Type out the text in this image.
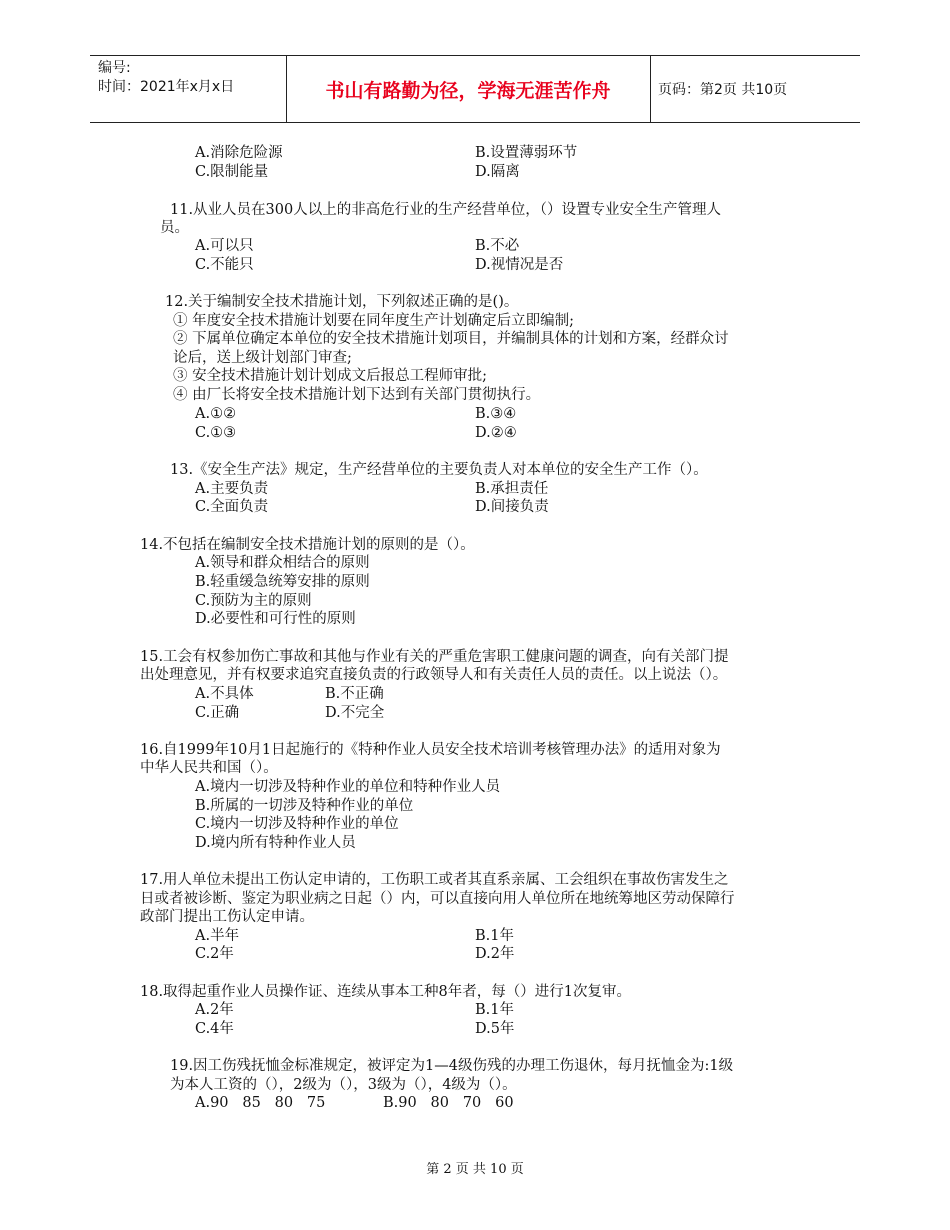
编号:
时间：2021年x月x日	书山有路勤为径，学海无涯苦作舟	页码：第2页 共10页
A.消除危险源	B.设置薄弱环节
C.限制能量	D.隔离
11.从业人员在300人以上的非高危行业的生产经营单位，（）设置专业安全生产管理人
员。
A.可以只	B.不必
C.不能只	D.视情况是否
12.关于编制安全技术措施计划，下列叙述正确的是()。
① 年度安全技术措施计划要在同年度生产计划确定后立即编制;
② 下属单位确定本单位的安全技术措施计划项目，并编制具体的计划和方案，经群众讨
论后，送上级计划部门审查;
③ 安全技术措施计划计划成文后报总工程师审批;
④ 由厂长将安全技术措施计划下达到有关部门贯彻执行。
A.①②	B.③④
C.①③	D.②④
13.《安全生产法》规定，生产经营单位的主要负责人对本单位的安全生产工作（）。
A.主要负责	B.承担责任
C.全面负责	D.间接负责
14.不包括在编制安全技术措施计划的原则的是（）。
A.领导和群众相结合的原则
B.轻重缓急统筹安排的原则
C.预防为主的原则
D.必要性和可行性的原则
15.工会有权参加伤亡事故和其他与作业有关的严重危害职工健康问题的调查，向有关部门提
出处理意见，并有权要求追究直接负责的行政领导人和有关责任人员的责任。以上说法（）。
A.不具体	B.不正确
C.正确	D.不完全
16.自1999年10月1日起施行的《特种作业人员安全技术培训考核管理办法》的适用对象为
中华人民共和国（）。
A.境内一切涉及特种作业的单位和特种作业人员
B.所属的一切涉及特种作业的单位
C.境内一切涉及特种作业的单位
D.境内所有特种作业人员
17.用人单位未提出工伤认定申请的，工伤职工或者其直系亲属、工会组织在事故伤害发生之
日或者被诊断、鉴定为职业病之日起（）内，可以直接向用人单位所在地统筹地区劳动保障行
政部门提出工伤认定申请。
A.半年	B.1年
C.2年	D.2年
18.取得起重作业人员操作证、连续从事本工种8年者，每（）进行1次复审。
A.2年	B.1年
C.4年	D.5年
19.因工伤残抚恤金标准规定，被评定为1—4级伤残的办理工伤退休，每月抚恤金为:1级
为本人工资的（），2级为（），3级为（），4级为（）。
A.90   85   80   75	B.90   80   70   60
第 2 页 共 10 页
